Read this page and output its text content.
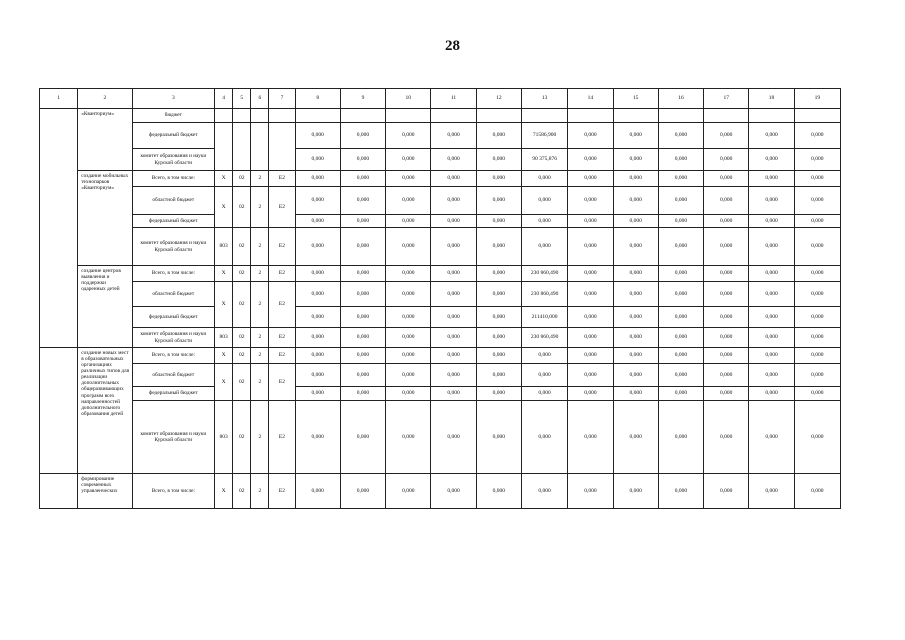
28
1	2	3	4	5	6	7	8	9	10	11	12	13	14	15	16	17	18	19
	«Кванториум»	бюджет																
		федеральный бюджет					0,000	0,000	0,000	0,000	0,000	71586,900	0,000	0,000	0,000	0,000	0,000	0,000
		комитет образования и науки Курской области					0,000	0,000	0,000	0,000	0,000	90 375,876	0,000	0,000	0,000	0,000	0,000	0,000
	создание мобильных технопарков «Кванториум»	Всего, в том числе:	Х	02	2	Е2	0,000	0,000	0,000	0,000	0,000	0,000	0,000	0,000	0,000	0,000	0,000	0,000
		областной бюджет	Х	02	2	Е2	0,000	0,000	0,000	0,000	0,000	0,000	0,000	0,000	0,000	0,000	0,000	0,000
		федеральный бюджет					0,000	0,000	0,000	0,000	0,000	0,000	0,000	0,000	0,000	0,000	0,000	0,000
		комитет образования и науки Курской области	803	02	2	Е2	0,000	0,000	0,000	0,000	0,000	0,000	0,000	0,000	0,000	0,000	0,000	0,000
	создание центров выявления и поддержки одаренных детей	Всего, в том числе:	Х	02	2	Е2	0,000	0,000	0,000	0,000	0,000	230 860,490	0,000	0,000	0,000	0,000	0,000	0,000
		областной бюджет	Х	02	2	Е2	0,000	0,000	0,000	0,000	0,000	230 860,490	0,000	0,000	0,000	0,000	0,000	0,000
		федеральный бюджет					0,000	0,000	0,000	0,000	0,000	211410,000	0,000	0,000	0,000	0,000	0,000	0,000
		комитет образования и науки Курской области	803	02	2	Е2	0,000	0,000	0,000	0,000	0,000	230 860,490	0,000	0,000	0,000	0,000	0,000	0,000
	создание новых мест в образовательных организациях различных типов для реализации дополнительных общеразвивающих программ всех направленностей дополнительного образования детей	Всего, в том числе:	Х	02	2	Е2	0,000	0,000	0,000	0,000	0,000	0,000	0,000	0,000	0,000	0,000	0,000	0,000
		областной бюджет	Х	02	2	Е2	0,000	0,000	0,000	0,000	0,000	0,000	0,000	0,000	0,000	0,000	0,000	0,000
		федеральный бюджет					0,000	0,000	0,000	0,000	0,000	0,000	0,000	0,000	0,000	0,000	0,000	0,000
		комитет образования и науки Курской области	803	02	2	Е2	0,000	0,000	0,000	0,000	0,000	0,000	0,000	0,000	0,000	0,000	0,000	0,000
	формирование современных управленческих	Всего, в том числе:	Х	02	2	Е2	0,000	0,000	0,000	0,000	0,000	0,000	0,000	0,000	0,000	0,000	0,000	0,000
